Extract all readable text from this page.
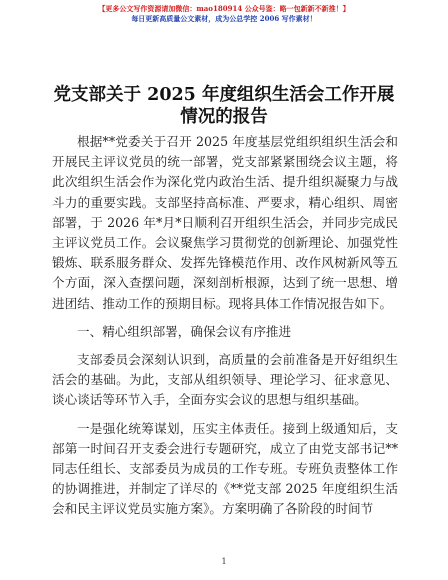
【更多公文写作资源请加微信：mao180914 公众号鉴：略一包新新不新推！】
每日更新高质量公文素材，成为公总学控 2006 写作素材！
党支部关于 2025 年度组织生活会工作开展情况的报告

根据**党委关于召开 2025 年度基层党组织组织生活会和开展民主评议党员的统一部署，党支部紧紧围绕会议主题，将此次组织生活会作为深化党内政治生活、提升组织凝聚力与战斗力的重要实践。支部坚持高标准、严要求，精心组织、周密部署，于 2026 年*月*日顺利召开组织生活会，并同步完成民主评议党员工作。会议聚焦学习贯彻党的创新理论、加强党性锻炼、联系服务群众、发挥先锋模范作用、改作风树新风等五个方面，深入查摆问题，深刻剖析根源，达到了统一思想、增进团结、推动工作的预期目标。现将具体工作情况报告如下。

一、精心组织部署，确保会议有序推进

支部委员会深刻认识到，高质量的会前准备是开好组织生活会的基础。为此，支部从组织领导、理论学习、征求意见、谈心谈话等环节入手，全面夯实会议的思想与组织基础。

一是强化统筹谋划，压实主体责任。接到上级通知后，支部第一时间召开支委会进行专题研究，成立了由党支部书记**同志任组长、支部委员为成员的工作专班。专班负责整体工作的协调推进，并制定了详尽的《**党支部 2025 年度组织生活会和民主评议党员实施方案》。方案明确了各阶段的时间节

1
